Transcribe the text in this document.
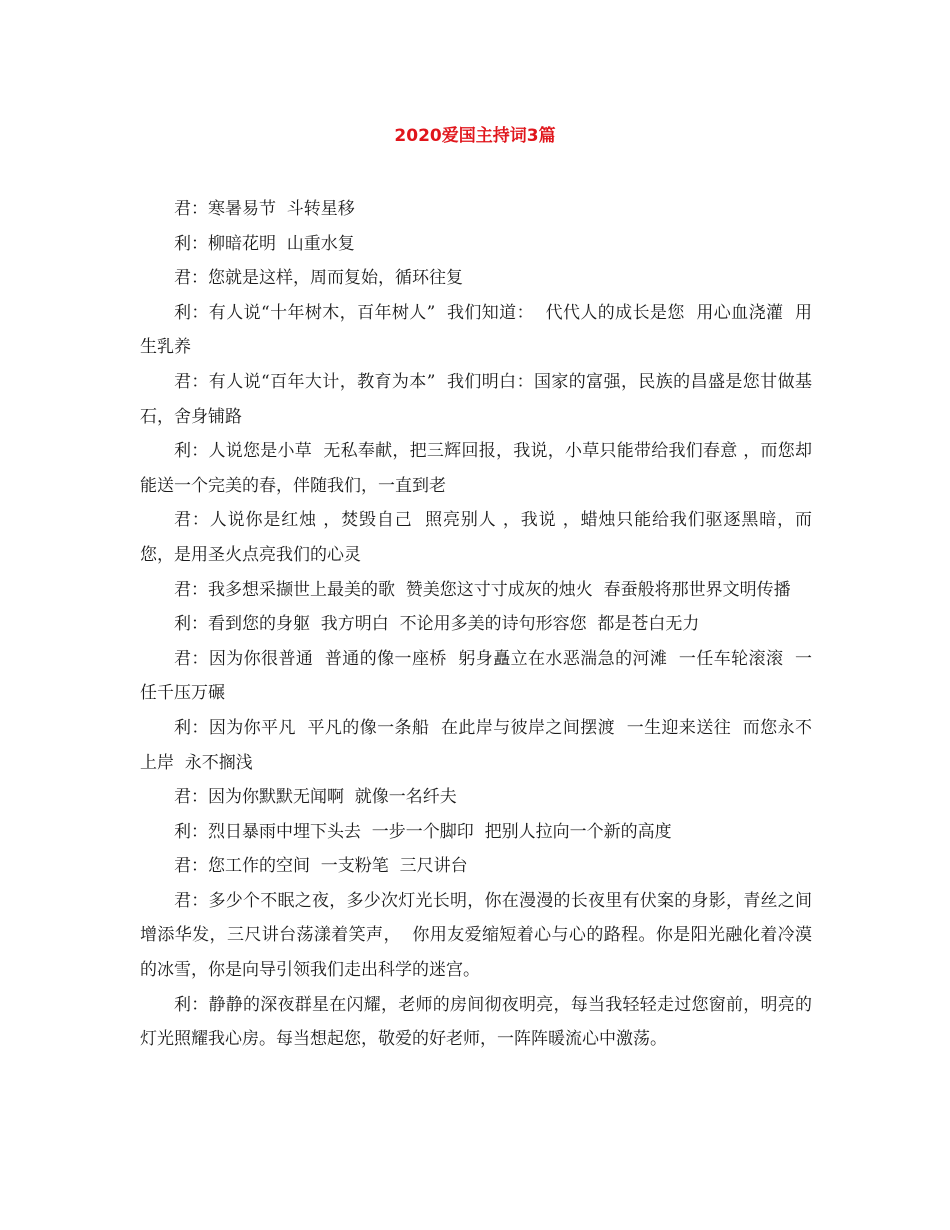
2020爱国主持词3篇

君：寒暑易节  斗转星移

利：柳暗花明  山重水复

君：您就是这样，周而复始，循环往复

利：有人说“十年树木，百年树人”  我们知道：  代代人的成长是您  用心血浇灌  用生乳养

君：有人说“百年大计，教育为本”  我们明白：国家的富强，民族的昌盛是您甘做基石，舍身铺路

利：人说您是小草  无私奉献，把三辉回报，我说，小草只能带给我们春意 ，而您却能送一个完美的春，伴随我们，一直到老

君：人说你是红烛 ，焚毁自己  照亮别人 ，我说 ，蜡烛只能给我们驱逐黑暗，而您，是用圣火点亮我们的心灵

君：我多想采撷世上最美的歌  赞美您这寸寸成灰的烛火  春蚕般将那世界文明传播

利：看到您的身躯  我方明白  不论用多美的诗句形容您  都是苍白无力

君：因为你很普通  普通的像一座桥  躬身矗立在水恶湍急的河滩  一任车轮滚滚  一任千压万碾

利：因为你平凡  平凡的像一条船  在此岸与彼岸之间摆渡  一生迎来送往  而您永不上岸  永不搁浅

君：因为你默默无闻啊  就像一名纤夫

利：烈日暴雨中埋下头去  一步一个脚印  把别人拉向一个新的高度

君：您工作的空间  一支粉笔  三尺讲台

君：多少个不眠之夜，多少次灯光长明，你在漫漫的长夜里有伏案的身影，青丝之间增添华发，三尺讲台荡漾着笑声，  你用友爱缩短着心与心的路程。你是阳光融化着冷漠的冰雪，你是向导引领我们走出科学的迷宫。

利：静静的深夜群星在闪耀，老师的房间彻夜明亮，每当我轻轻走过您窗前，明亮的灯光照耀我心房。每当想起您，敬爱的好老师，一阵阵暖流心中激荡。
